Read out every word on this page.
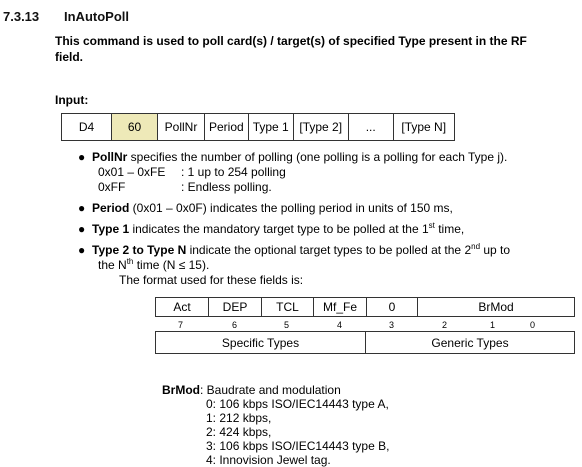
7.3.13 InAutoPoll
This command is used to poll card(s) / target(s) of specified Type present in the RF field.
Input:
D4	60	PollNr	Period	Type 1	[Type 2]	...	[Type N]
● PollNr specifies the number of polling (one polling is a polling for each Type j).
0x01 – 0xFE	: 1 up to 254 polling
0xFF	: Endless polling.
● Period (0x01 – 0x0F) indicates the polling period in units of 150 ms,
● Type 1 indicates the mandatory target type to be polled at the 1st time,
● Type 2 to Type N indicate the optional target types to be polled at the 2nd up to
the $N^{th}$ time (N ≤ 15).
The format used for these fields is:
Act	DEP	TCL	Mf_Fe	0	BrMod
7	6	5	4	3	2	1	0
Specific Types	Generic Types
BrMod: Baudrate and modulation
0: 106 kbps ISO/IEC14443 type A,
1: 212 kbps,
2: 424 kbps,
3: 106 kbps ISO/IEC14443 type B,
4: Innovision Jewel tag.
